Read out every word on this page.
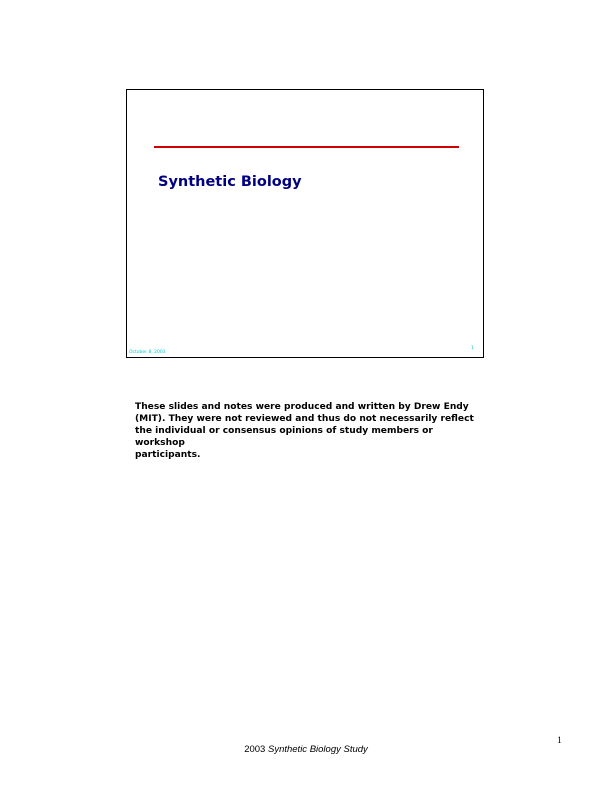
Synthetic Biology
October 8, 2003
1

These slides and notes were produced and written by Drew Endy

(MIT). They were not reviewed and thus do not necessarily reflect

the individual or consensus opinions of study members or workshop

participants.

1
2003 Synthetic Biology Study
